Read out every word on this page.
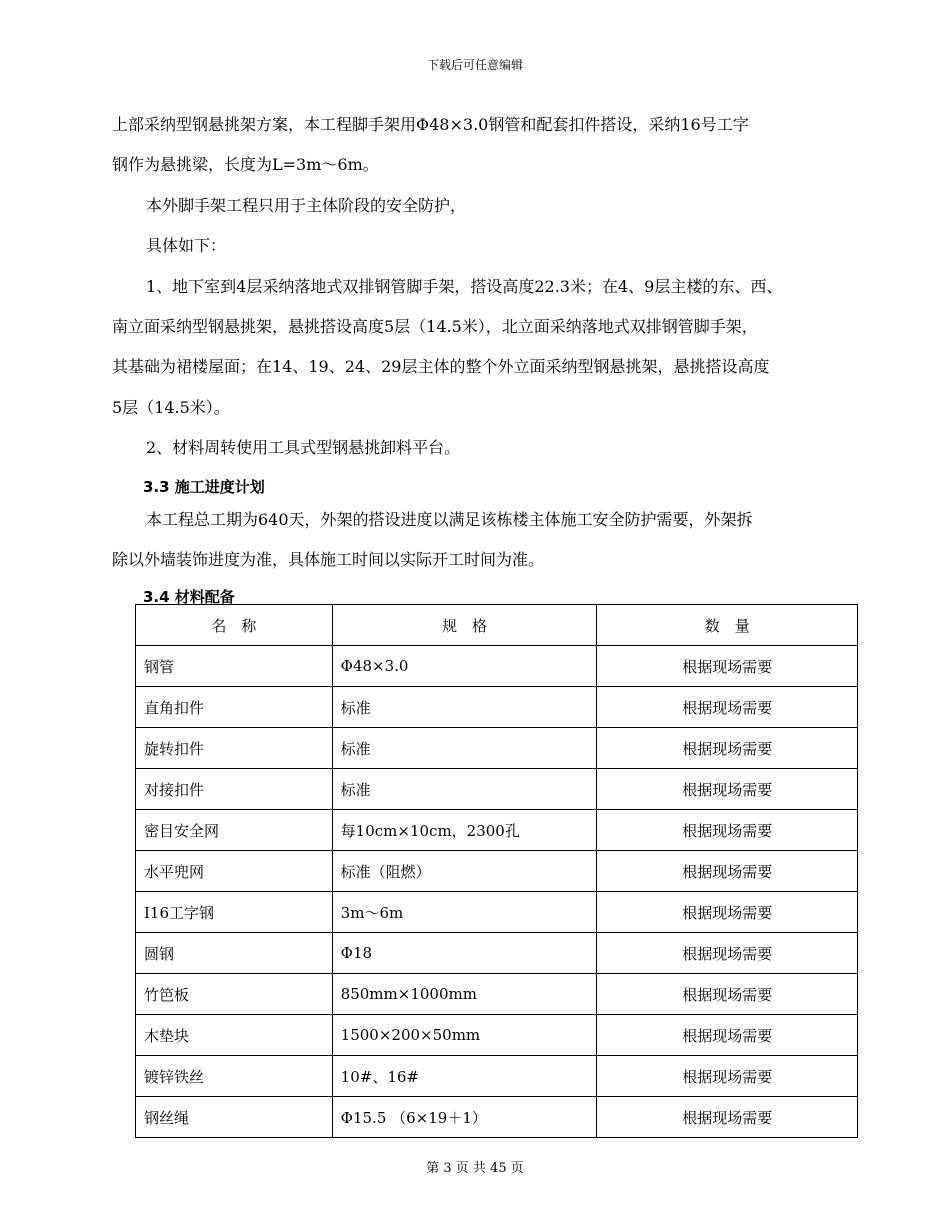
下载后可任意编辑
上部采纳型钢悬挑架方案，本工程脚手架用Φ48×3.0钢管和配套扣件搭设，采纳16号工字
钢作为悬挑梁，长度为L=3m～6m。
本外脚手架工程只用于主体阶段的安全防护，
具体如下：
1、地下室到4层采纳落地式双排钢管脚手架，搭设高度22.3米；在4、9层主楼的东、西、
南立面采纳型钢悬挑架，悬挑搭设高度5层（14.5米），北立面采纳落地式双排钢管脚手架，
其基础为裙楼屋面；在14、19、24、29层主体的整个外立面采纳型钢悬挑架，悬挑搭设高度
5层（14.5米）。
2、材料周转使用工具式型钢悬挑卸料平台。
3.3 施工进度计划
本工程总工期为640天，外架的搭设进度以满足该栋楼主体施工安全防护需要，外架拆
除以外墙装饰进度为准，具体施工时间以实际开工时间为准。
3.4 材料配备
名　称	规　格	数　量
钢管	Φ48×3.0	根据现场需要
直角扣件	标准	根据现场需要
旋转扣件	标准	根据现场需要
对接扣件	标准	根据现场需要
密目安全网	每10cm×10cm，2300孔	根据现场需要
水平兜网	标准（阻燃）	根据现场需要
I16工字钢	3m～6m	根据现场需要
圆钢	Φ18	根据现场需要
竹笆板	850mm×1000mm	根据现场需要
木垫块	1500×200×50mm	根据现场需要
镀锌铁丝	10#、16#	根据现场需要
钢丝绳	Φ15.5 （6×19＋1）	根据现场需要
第 3 页 共 45 页
